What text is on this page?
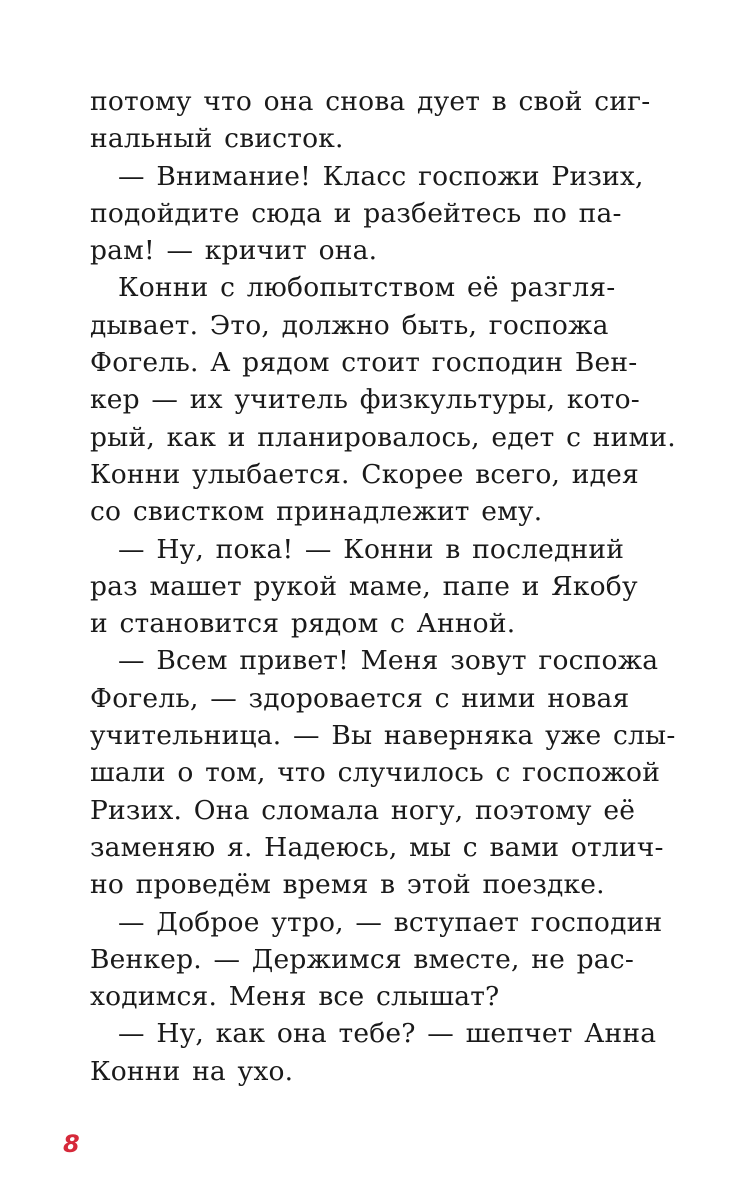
потому что она снова дует в свой сиг-
нальный свисток.
— Внимание! Класс госпожи Ризих,
подойдите сюда и разбейтесь по па-
рам! — кричит она.
Конни с любопытством её разгля-
дывает. Это, должно быть, госпожа
Фогель. А рядом стоит господин Вен-
кер — их учитель физкультуры, кото-
рый, как и планировалось, едет с ними.
Конни улыбается. Скорее всего, идея
со свистком принадлежит ему.
— Ну, пока! — Конни в последний
раз машет рукой маме, папе и Якобу
и становится рядом с Анной.
— Всем привет! Меня зовут госпожа
Фогель, — здоровается с ними новая
учительница. — Вы наверняка уже слы-
шали о том, что случилось с госпожой
Ризих. Она сломала ногу, поэтому её
заменяю я. Надеюсь, мы с вами отлич-
но проведём время в этой поездке.
— Доброе утро, — вступает господин
Венкер. — Держимся вместе, не рас-
ходимся. Меня все слышат?
— Ну, как она тебе? — шепчет Анна
Конни на ухо.
8
